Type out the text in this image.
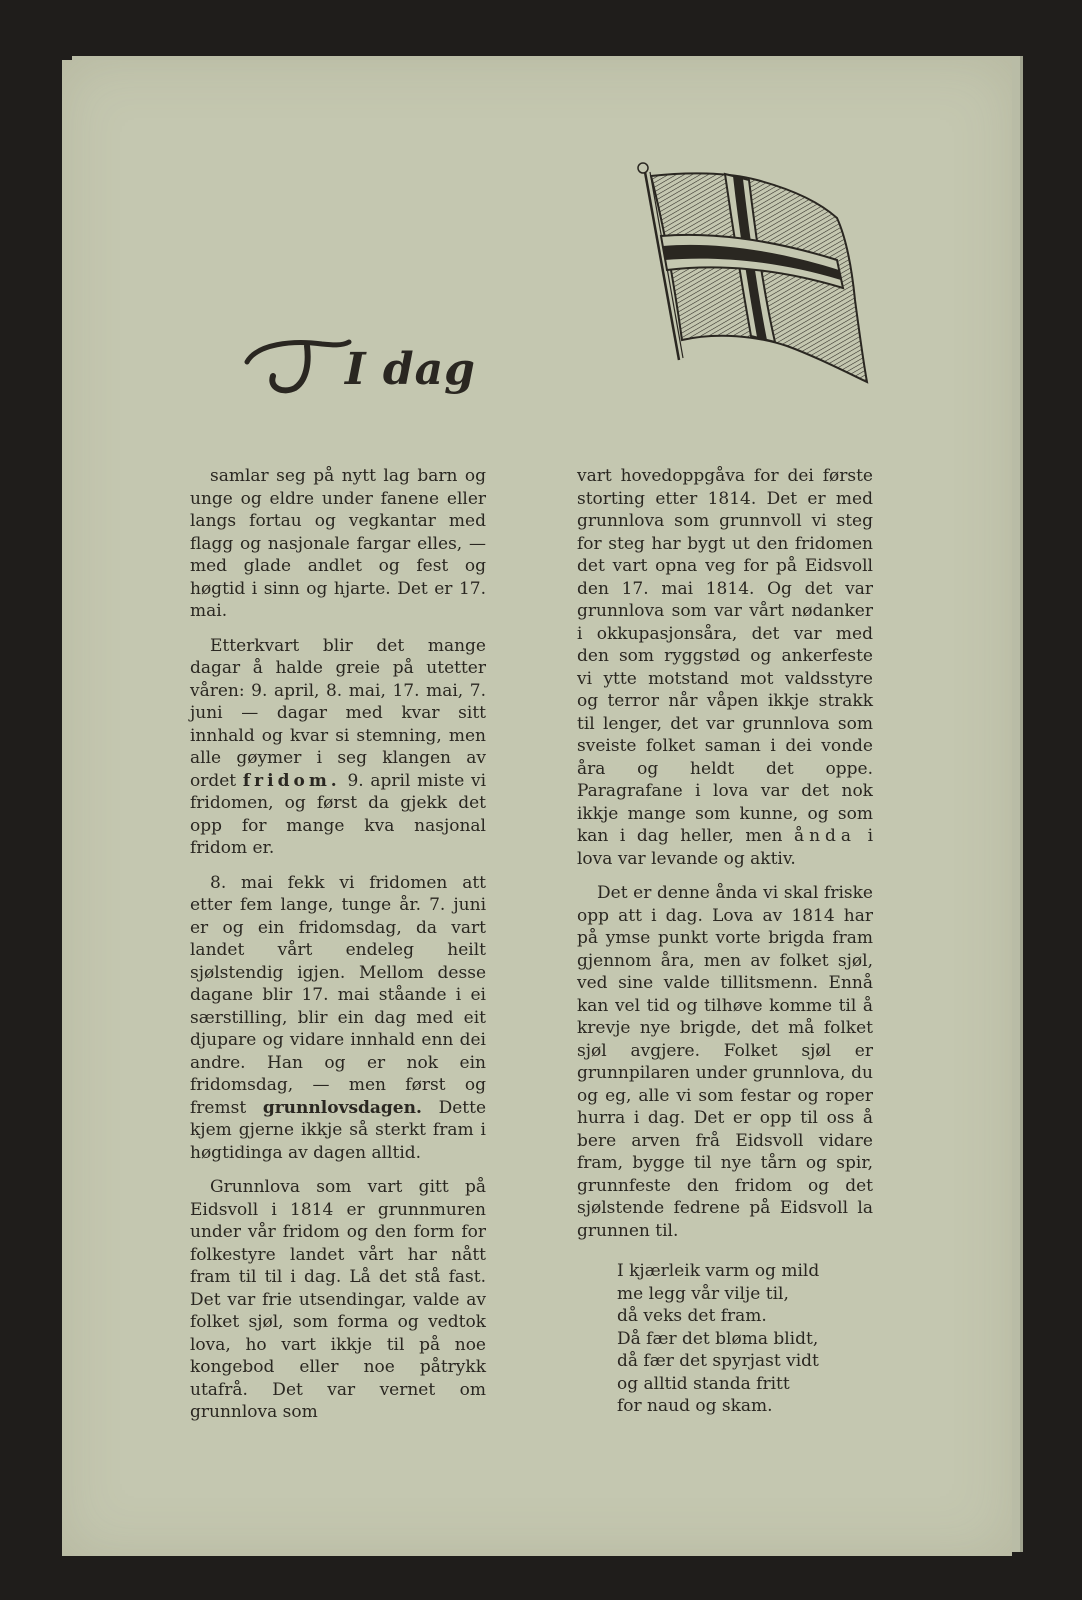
I dag

samlar seg på nytt lag barn og unge og eldre under fanene eller langs fortau og vegkantar med flagg og nasjonale fargar elles, — med glade andlet og fest og høgtid i sinn og hjarte. Det er 17. mai.

Etterkvart blir det mange dagar å halde greie på utetter våren: 9. april, 8. mai, 17. mai, 7. juni — dagar med kvar sitt innhald og kvar si stemning, men alle gøymer i seg klangen av ordet fridom. 9. april miste vi fridomen, og først da gjekk det opp for mange kva nasjonal fridom er.

8. mai fekk vi fridomen att etter fem lange, tunge år. 7. juni er og ein fridomsdag, da vart landet vårt endeleg heilt sjølstendig igjen. Mellom desse dagane blir 17. mai ståande i ei særstilling, blir ein dag med eit djupare og vidare innhald enn dei andre. Han og er nok ein fridomsdag, — men først og fremst grunnlovsdagen. Dette kjem gjerne ikkje så sterkt fram i høgtidinga av dagen alltid.

Grunnlova som vart gitt på Eidsvoll i 1814 er grunnmuren under vår fridom og den form for folkestyre landet vårt har nått fram til til i dag. Lå det stå fast. Det var frie utsendingar, valde av folket sjøl, som forma og vedtok lova, ho vart ikkje til på noe kongebod eller noe påtrykk utafrå. Det var vernet om grunnlova som

vart hovedoppgåva for dei første storting etter 1814. Det er med grunnlova som grunnvoll vi steg for steg har bygt ut den fridomen det vart opna veg for på Eidsvoll den 17. mai 1814. Og det var grunnlova som var vårt nødanker i okkupasjonsåra, det var med den som ryggstød og ankerfeste vi ytte motstand mot valdsstyre og terror når våpen ikkje strakk til lenger, det var grunnlova som sveiste folket saman i dei vonde åra og heldt det oppe. Paragrafane i lova var det nok ikkje mange som kunne, og som kan i dag heller, men ånda i lova var levande og aktiv.

Det er denne ånda vi skal friske opp att i dag. Lova av 1814 har på ymse punkt vorte brigda fram gjennom åra, men av folket sjøl, ved sine valde tillitsmenn. Ennå kan vel tid og tilhøve komme til å krevje nye brigde, det må folket sjøl avgjere. Folket sjøl er grunnpilaren under grunnlova, du og eg, alle vi som festar og roper hurra i dag. Det er opp til oss å bere arven frå Eidsvoll vidare fram, bygge til nye tårn og spir, grunnfeste den fridom og det sjølstende fedrene på Eidsvoll la grunnen til.

I kjærleik varm og mild
me legg vår vilje til,
då veks det fram.
Då fær det bløma blidt,
då fær det spyrjast vidt
og alltid standa fritt
for naud og skam.
